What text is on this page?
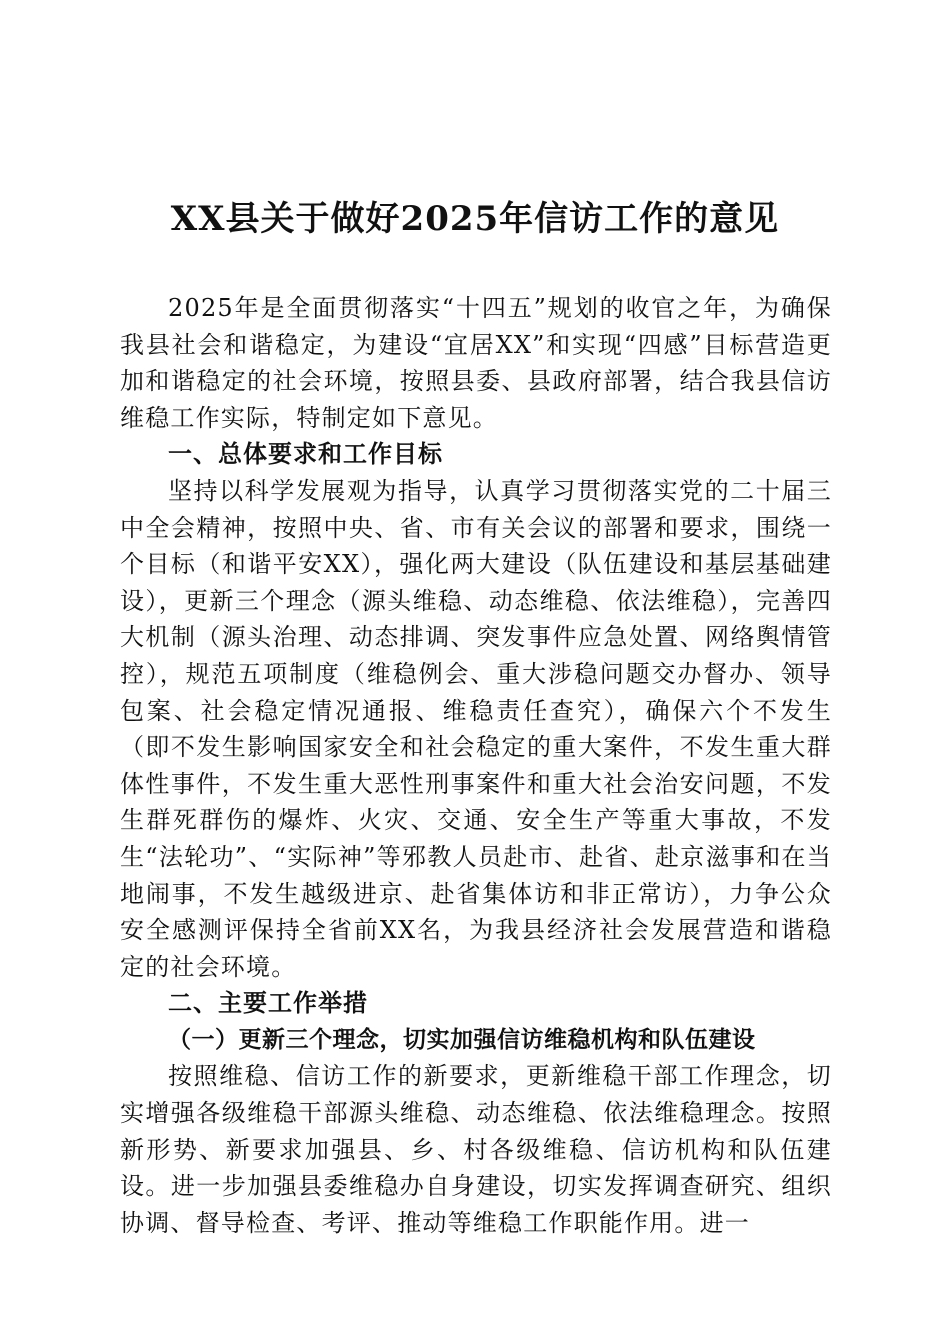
XX县关于做好2025年信访工作的意见

2025年是全面贯彻落实“十四五”规划的收官之年，为确保我县社会和谐稳定，为建设“宜居XX”和实现“四感”目标营造更加和谐稳定的社会环境，按照县委、县政府部署，结合我县信访维稳工作实际，特制定如下意见。

一、总体要求和工作目标

坚持以科学发展观为指导，认真学习贯彻落实党的二十届三中全会精神，按照中央、省、市有关会议的部署和要求，围绕一个目标（和谐平安XX），强化两大建设（队伍建设和基层基础建设），更新三个理念（源头维稳、动态维稳、依法维稳），完善四大机制（源头治理、动态排调、突发事件应急处置、网络舆情管控），规范五项制度（维稳例会、重大涉稳问题交办督办、领导包案、社会稳定情况通报、维稳责任查究），确保六个不发生（即不发生影响国家安全和社会稳定的重大案件，不发生重大群体性事件，不发生重大恶性刑事案件和重大社会治安问题，不发生群死群伤的爆炸、火灾、交通、安全生产等重大事故，不发生“法轮功”、“实际神”等邪教人员赴市、赴省、赴京滋事和在当地闹事，不发生越级进京、赴省集体访和非正常访），力争公众安全感测评保持全省前XX名，为我县经济社会发展营造和谐稳定的社会环境。

二、主要工作举措

（一）更新三个理念，切实加强信访维稳机构和队伍建设

按照维稳、信访工作的新要求，更新维稳干部工作理念，切实增强各级维稳干部源头维稳、动态维稳、依法维稳理念。按照新形势、新要求加强县、乡、村各级维稳、信访机构和队伍建设。进一步加强县委维稳办自身建设，切实发挥调查研究、组织协调、督导检查、考评、推动等维稳工作职能作用。进一
